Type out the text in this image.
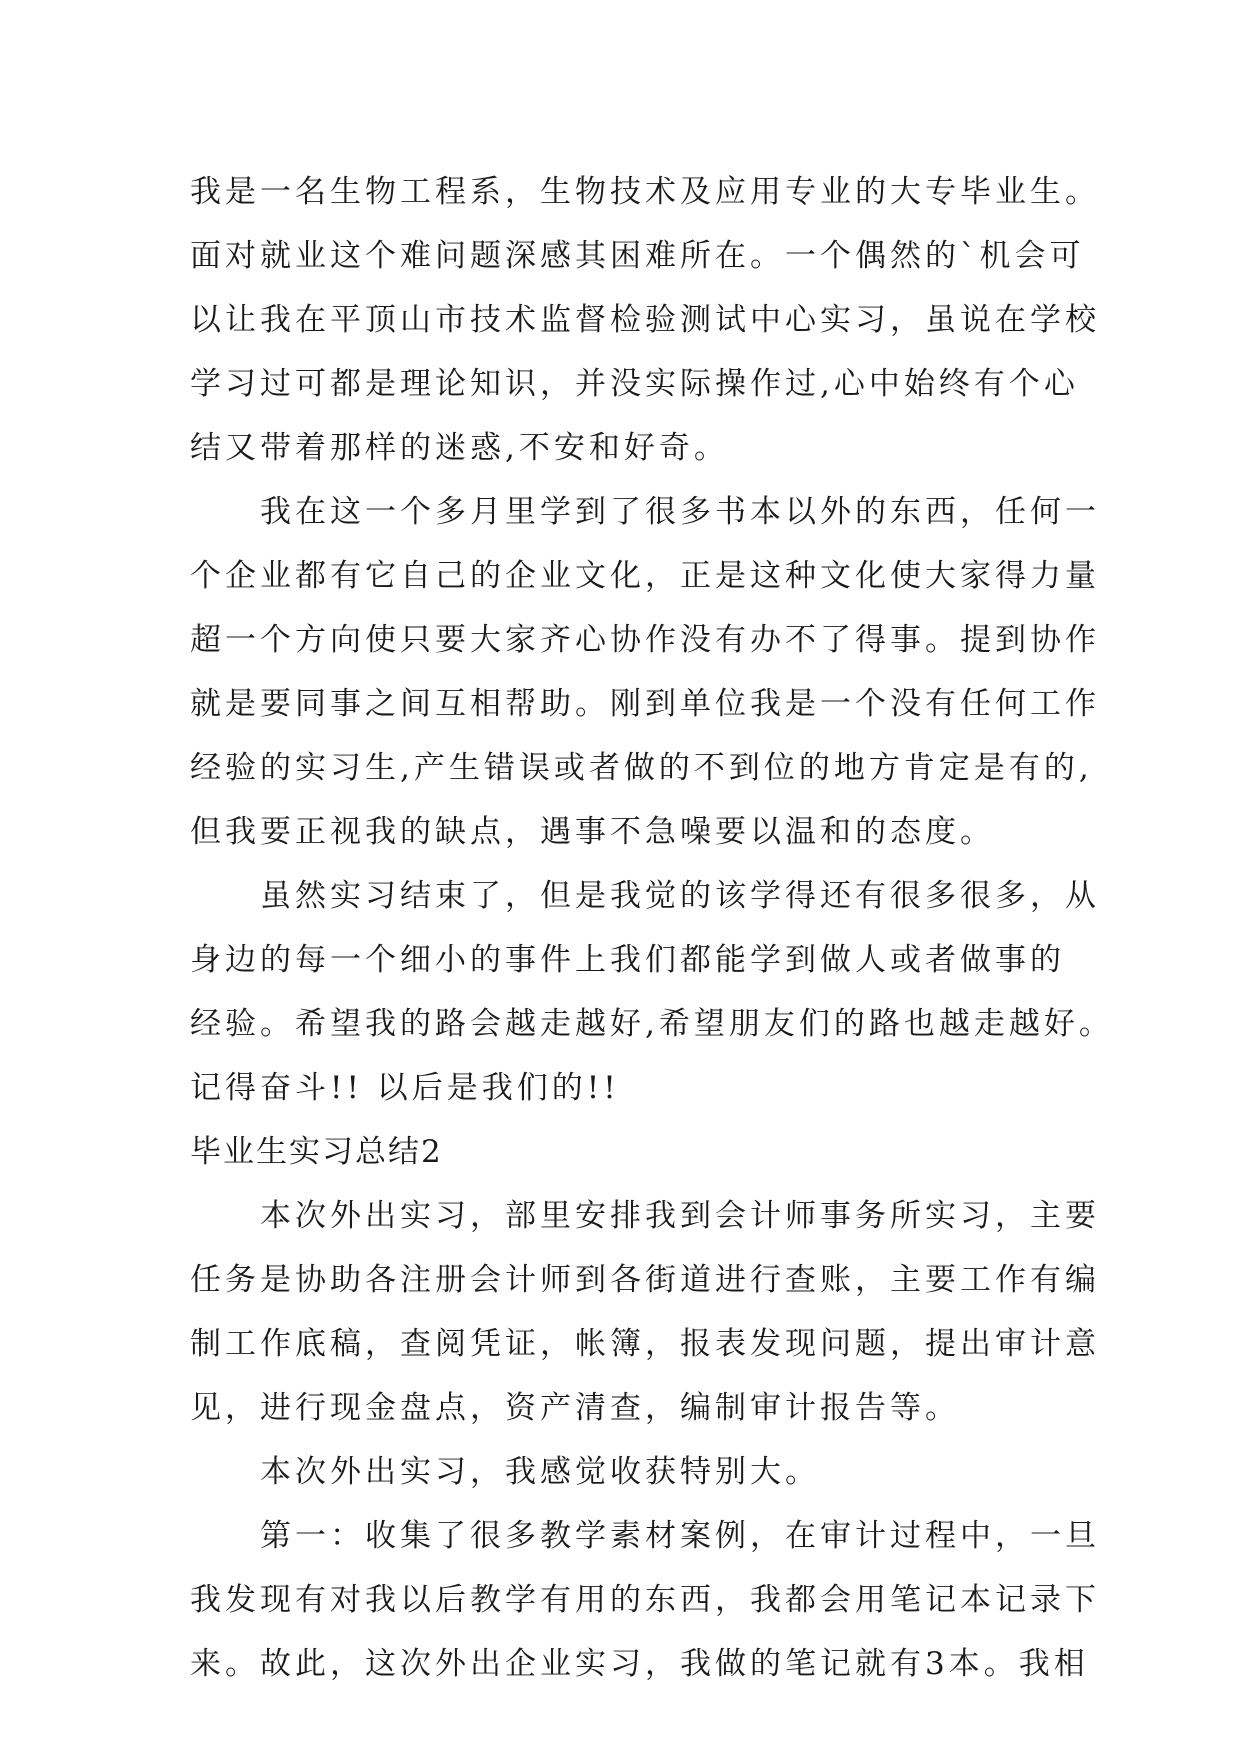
我是一名生物工程系，生物技术及应用专业的大专毕业生。
面对就业这个难问题深感其困难所在。一个偶然的`机会可
以让我在平顶山市技术监督检验测试中心实习，虽说在学校
学习过可都是理论知识，并没实际操作过,心中始终有个心
结又带着那样的迷惑,不安和好奇。
我在这一个多月里学到了很多书本以外的东西，任何一
个企业都有它自己的企业文化，正是这种文化使大家得力量
超一个方向使只要大家齐心协作没有办不了得事。提到协作
就是要同事之间互相帮助。刚到单位我是一个没有任何工作
经验的实习生,产生错误或者做的不到位的地方肯定是有的,
但我要正视我的缺点，遇事不急噪要以温和的态度。
虽然实习结束了，但是我觉的该学得还有很多很多，从
身边的每一个细小的事件上我们都能学到做人或者做事的
经验。希望我的路会越走越好,希望朋友们的路也越走越好。
记得奋斗!! 以后是我们的!!
毕业生实习总结2
本次外出实习，部里安排我到会计师事务所实习，主要
任务是协助各注册会计师到各街道进行查账，主要工作有编
制工作底稿，查阅凭证，帐簿，报表发现问题，提出审计意
见，进行现金盘点，资产清查，编制审计报告等。
本次外出实习，我感觉收获特别大。
第一：收集了很多教学素材案例，在审计过程中，一旦
我发现有对我以后教学有用的东西，我都会用笔记本记录下
来。故此，这次外出企业实习，我做的笔记就有3本。我相
